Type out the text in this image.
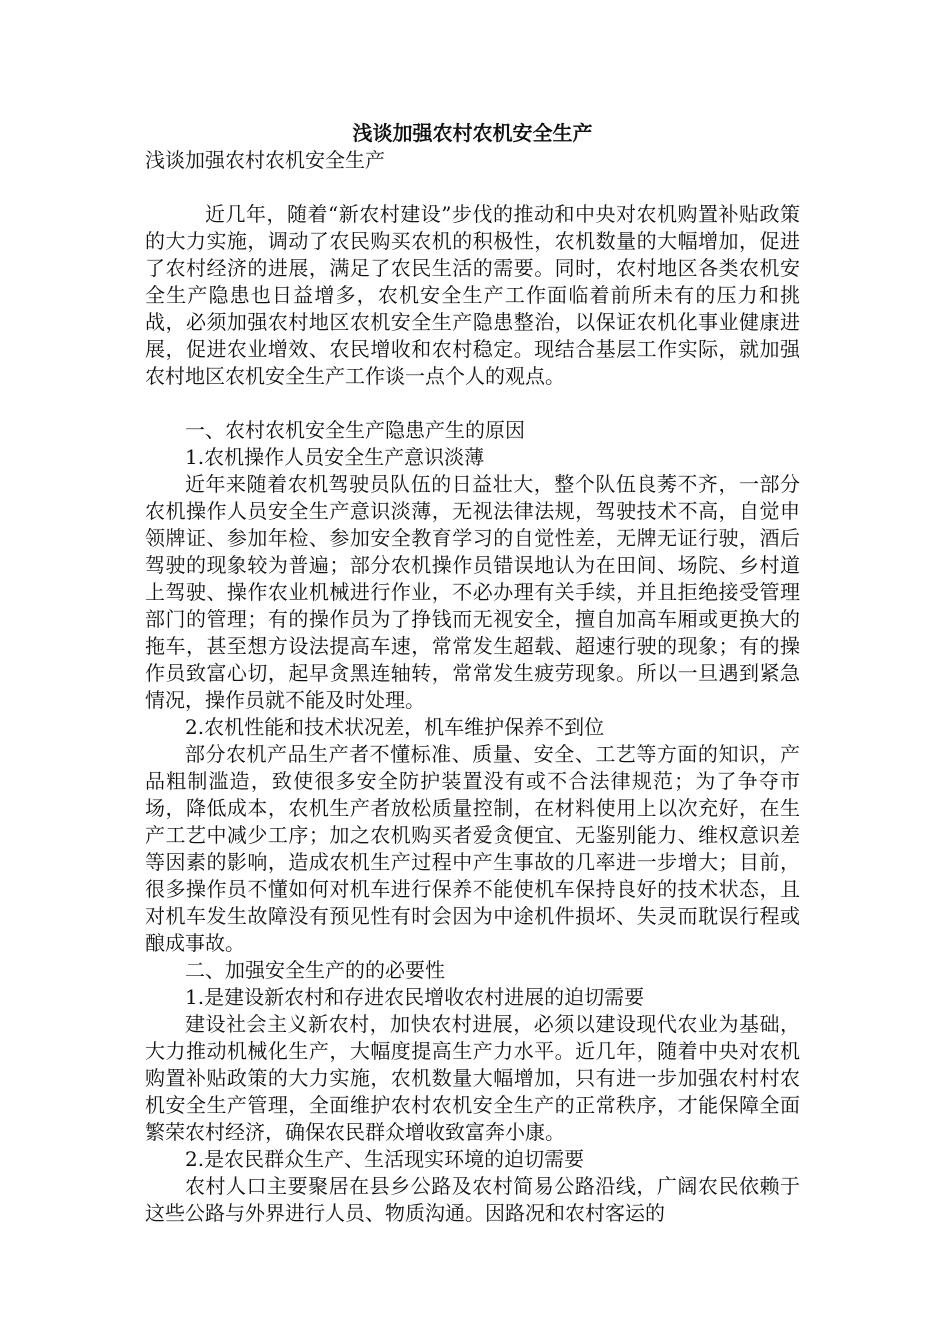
浅谈加强农村农机安全生产

浅谈加强农村农机安全生产

近几年，随着“新农村建设”步伐的推动和中央对农机购置补贴政策的大力实施，调动了农民购买农机的积极性，农机数量的大幅增加，促进了农村经济的进展，满足了农民生活的需要。同时，农村地区各类农机安全生产隐患也日益增多，农机安全生产工作面临着前所未有的压力和挑战，必须加强农村地区农机安全生产隐患整治，以保证农机化事业健康进展，促进农业增效、农民增收和农村稳定。现结合基层工作实际，就加强农村地区农机安全生产工作谈一点个人的观点。

一、农村农机安全生产隐患产生的原因

1.农机操作人员安全生产意识淡薄

近年来随着农机驾驶员队伍的日益壮大，整个队伍良莠不齐，一部分农机操作人员安全生产意识淡薄，无视法律法规，驾驶技术不高，自觉申领牌证、参加年检、参加安全教育学习的自觉性差，无牌无证行驶，酒后驾驶的现象较为普遍；部分农机操作员错误地认为在田间、场院、乡村道上驾驶、操作农业机械进行作业，不必办理有关手续，并且拒绝接受管理部门的管理；有的操作员为了挣钱而无视安全，擅自加高车厢或更换大的拖车，甚至想方设法提高车速，常常发生超载、超速行驶的现象；有的操作员致富心切，起早贪黑连轴转，常常发生疲劳现象。所以一旦遇到紧急情况，操作员就不能及时处理。

2.农机性能和技术状况差，机车维护保养不到位

部分农机产品生产者不懂标准、质量、安全、工艺等方面的知识，产品粗制滥造，致使很多安全防护装置没有或不合法律规范；为了争夺市场，降低成本，农机生产者放松质量控制，在材料使用上以次充好，在生产工艺中减少工序；加之农机购买者爱贪便宜、无鉴别能力、维权意识差等因素的影响，造成农机生产过程中产生事故的几率进一步增大；目前，很多操作员不懂如何对机车进行保养不能使机车保持良好的技术状态，且对机车发生故障没有预见性有时会因为中途机件损坏、失灵而耽误行程或酿成事故。

二、加强安全生产的的必要性

1.是建设新农村和存进农民增收农村进展的迫切需要

建设社会主义新农村，加快农村进展，必须以建设现代农业为基础，大力推动机械化生产，大幅度提高生产力水平。近几年，随着中央对农机购置补贴政策的大力实施，农机数量大幅增加，只有进一步加强农村村农机安全生产管理，全面维护农村农机安全生产的正常秩序，才能保障全面繁荣农村经济，确保农民群众增收致富奔小康。

2.是农民群众生产、生活现实环境的迫切需要

农村人口主要聚居在县乡公路及农村简易公路沿线，广阔农民依赖于这些公路与外界进行人员、物质沟通。因路况和农村客运的
